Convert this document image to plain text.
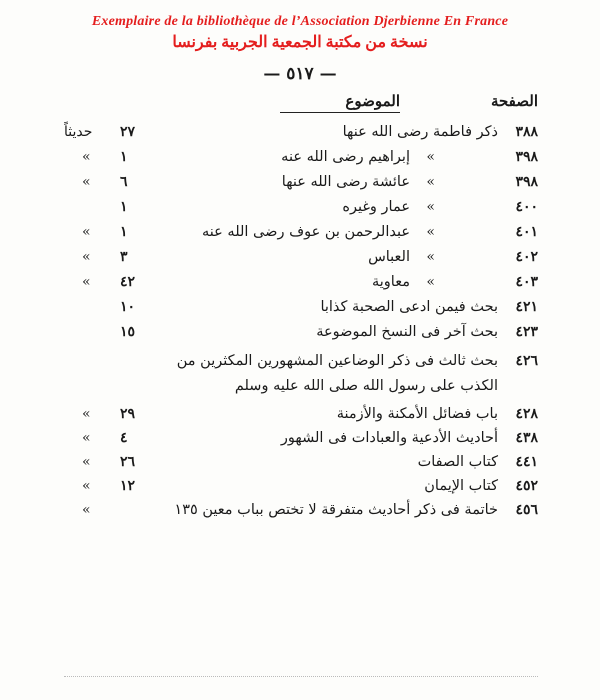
Exemplaire de la bibliothèque de l’Association Djerbienne En France
نسخة من مكتبة الجمعية الجربية بفرنسا
— ٥١٧ —
الصفحة
الموضوع
٣٨٨
ذكر فاطمة رضى الله عنها
٢٧
حديثاً
٣٩٨
«
إبراهيم رضى الله عنه
١
«
٣٩٨
«
عائشة رضى الله عنها
٦
«
٤٠٠
«
عمار وغيره
١
٤٠١
«
عبدالرحمن بن عوف رضى الله عنه
١
«
٤٠٢
«
العباس
٣
«
٤٠٣
«
معاوية
٤٢
«
٤٢١
بحث فيمن ادعى الصحبة كذابا
١٠
٤٢٣
بحث آخر فى النسخ الموضوعة
١٥
٤٢٦
بحث ثالث فى ذكر الوضاعين المشهورين المكثرين من
الكذب على رسول الله صلى الله عليه وسلم
٤٢٨
باب فضائل الأمكنة والأزمنة
٢٩
«
٤٣٨
أحاديث الأدعية والعبادات فى الشهور
٤
«
٤٤١
كتاب الصفات
٢٦
«
٤٥٢
كتاب الإيمان
١٢
«
٤٥٦
خاتمة فى ذكر أحاديث متفرقة لا تختص بباب معين ١٣٥
«
